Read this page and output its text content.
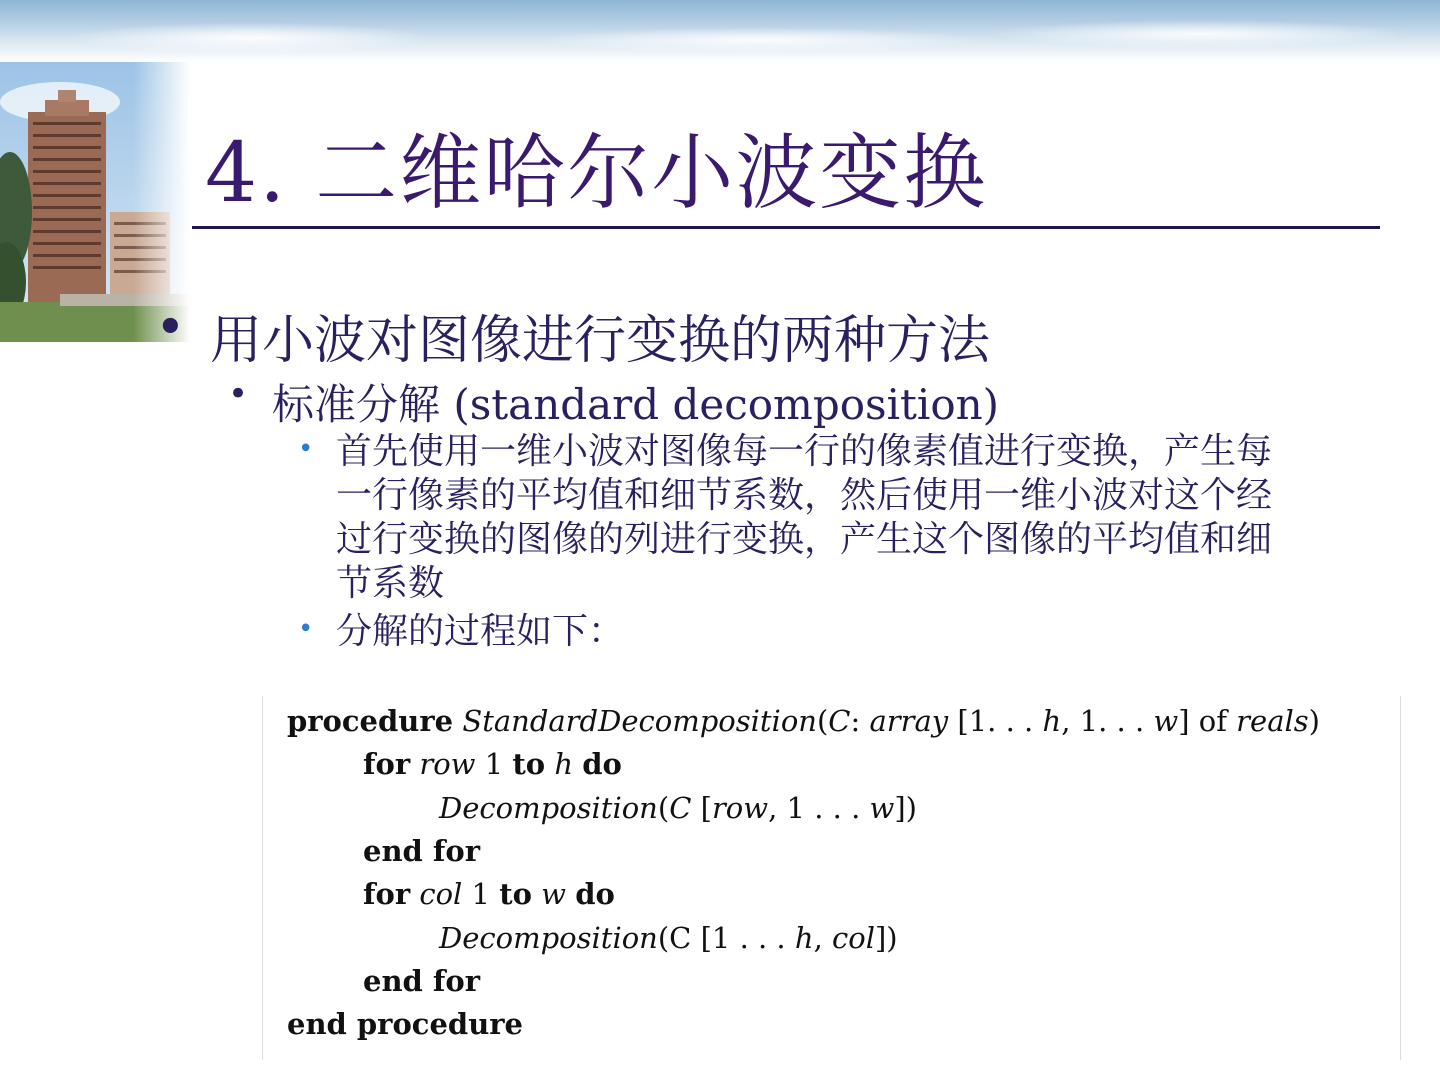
4. 二维哈尔小波变换
• 用小波对图像进行变换的两种方法
• 标准分解 (standard decomposition)
• 首先使用一维小波对图像每一行的像素值进行变换，产生每一行像素的平均值和细节系数，然后使用一维小波对这个经过行变换的图像的列进行变换，产生这个图像的平均值和细节系数
• 分解的过程如下：
procedure StandardDecomposition(C: array [1. . . h, 1. . . w] of reals)
for row 1 to h do
Decomposition(C [row, 1 . . . w])
end for
for col 1 to w do
Decomposition(C [1 . . . h, col])
end for
end procedure
